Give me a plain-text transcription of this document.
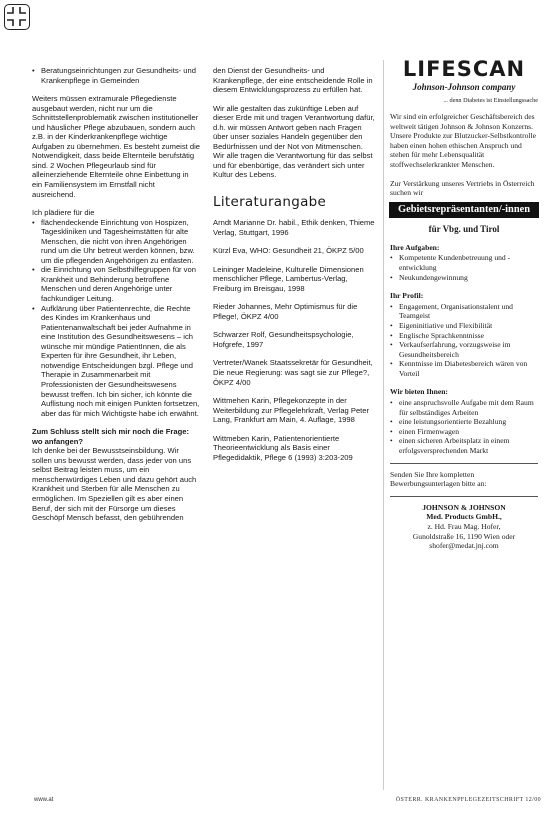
• Beratungseinrichtungen zur Gesundheits- und Krankenpflege in Gemeinden

Weiters müssen extramurale Pflegedienste ausgebaut werden, nicht nur um die Schnittstellenproblematik zwischen institutioneller und häuslicher Pflege abzubauen, sondern auch z.B. in der Kinderkrankenpflege wichtige Aufgaben zu übernehmen. Es besteht zumeist die Notwendigkeit, dass beide Elternteile berufstätig sind. 2 Wochen Pflegeurlaub sind für alleinerziehende Elternteile ohne Einbettung in ein Familiensystem im Ernstfall nicht ausreichend.

Ich plädiere für die

• flächendeckende Einrichtung von Hospizen, Tageskliniken und Tagesheimstätten für alte Menschen, die nicht von ihren Angehörigen rund um die Uhr betreut werden können, bzw. um die pflegenden Angehörigen zu entlasten.
• die Einrichtung von Selbsthilfegruppen für von Krankheit und Behinderung betroffene Menschen und deren Angehörige unter fachkundiger Leitung.
• Aufklärung über Patientenrechte, die Rechte des Kindes im Krankenhaus und Patientenanwaltschaft bei jeder Aufnahme in eine Institution des Gesundheitswesens – ich wünsche mir mündige PatientInnen, die als Experten für ihre Gesundheit, ihr Leben, notwendige Entscheidungen bzgl. Pflege und Therapie in Zusammenarbeit mit Professionisten der Gesundheitswesens bewusst treffen. Ich bin sicher, ich könnte die Auflistung noch mit einigen Punkten fortsetzen, aber das für mich Wichtigste habe ich erwähnt.

Zum Schluss stellt sich mir noch die Frage: wo anfangen?

Ich denke bei der Bewusstseinsbildung. Wir sollen uns bewusst werden, dass jeder von uns selbst Beitrag leisten muss, um ein menschenwürdiges Leben und dazu gehört auch Krankheit und Sterben für alle Menschen zu ermöglichen. Im Speziellen gilt es aber einen Beruf, der sich mit der Fürsorge um dieses Geschöpf Mensch befasst, den gebührenden

den Dienst der Gesundheits- und Krankenpflege, der eine entscheidende Rolle in diesem Entwicklungsprozess zu erfüllen hat.

Wir alle gestalten das zukünftige Leben auf dieser Erde mit und tragen Verantwortung dafür, d.h. wir müssen Antwort geben nach Fragen über unser soziales Handeln gegenüber den Bedürfnissen und der Not von Mitmenschen. Wir alle tragen die Verantwortung für das selbst und für ebenbürtige, das verändert sich unter Kultur des Lebens.

Literaturangabe

Arndt Marianne Dr. habil., Ethik denken, Thieme Verlag, Stuttgart, 1996

Kürzl Eva, WHO: Gesundheit 21, ÖKPZ 5/00

Leininger Madeleine, Kulturelle Dimensionen menschlicher Pflege, Lambertus-Verlag, Freiburg im Breisgau, 1998

Rieder Johannes, Mehr Optimismus für die Pflege!, ÖKPZ 4/00

Schwarzer Rolf, Gesundheitspsychologie, Hofgrefe, 1997

Vertreter/Wanek Staatssekretär für Gesundheit, Die neue Regierung: was sagt sie zur Pflege?, ÖKPZ 4/00

Wittmehen Karin, Pflegekonzepte in der Weiterbildung zur Pflegelehrkraft, Verlag Peter Lang, Frankfurt am Main, 4. Auflage, 1998

Wittmeben Karin, Patientenorientierte Theorieentwicklung als Basis einer Pflegedidaktik, Pflege 6 (1993) 3:203-209

LIFESCAN
Johnson-Johnson company
... denn Diabetes ist Einstellungssache

Wir sind ein erfolgreicher Geschäftsbereich des weltweit tätigen Johnson & Johnson Konzerns. Unsere Produkte zur Blutzucker-Selbstkontrolle haben einen hohen ethischen Anspruch und stehen für mehr Lebensqualität stoffwechselerkrankter Menschen.

Zur Verstärkung unseres Vertriebs in Österreich suchen wir

Gebietsrepräsentanten/-innen
für Vbg. und Tirol
Ihre Aufgaben:
• Kompetente Kundenbetreuung und -entwicklung
• Neukundengewinnung
Ihr Profil:
• Engagement, Organisationstalent und Teamgeist
• Eigeninitiative und Flexibilität
• Englische Sprachkenntnisse
• Verkaufserfahrung, vorzugsweise im Gesundheitsbereich
• Kenntnisse im Diabetesbereich wären von Vorteil
Wir bieten Ihnen:
• eine anspruchsvolle Aufgabe mit dem Raum für selbständiges Arbeiten
• eine leistungsorientierte Bezahlung
• einen Firmenwagen
• einen sicheren Arbeitsplatz in einem erfolgsversprechenden Markt

Senden Sie Ihre kompletten Bewerbungsunterlagen bitte an:

JOHNSON & JOHNSON
Med. Products GmbH.,
z. Hd. Frau Mag. Hofer,
Gunoldstraße 16, 1190 Wien oder
shofer@medat.jnj.com
www.at	ÖSTERR. KRANKENPFLEGEZEITSCHRIFT 12/00
